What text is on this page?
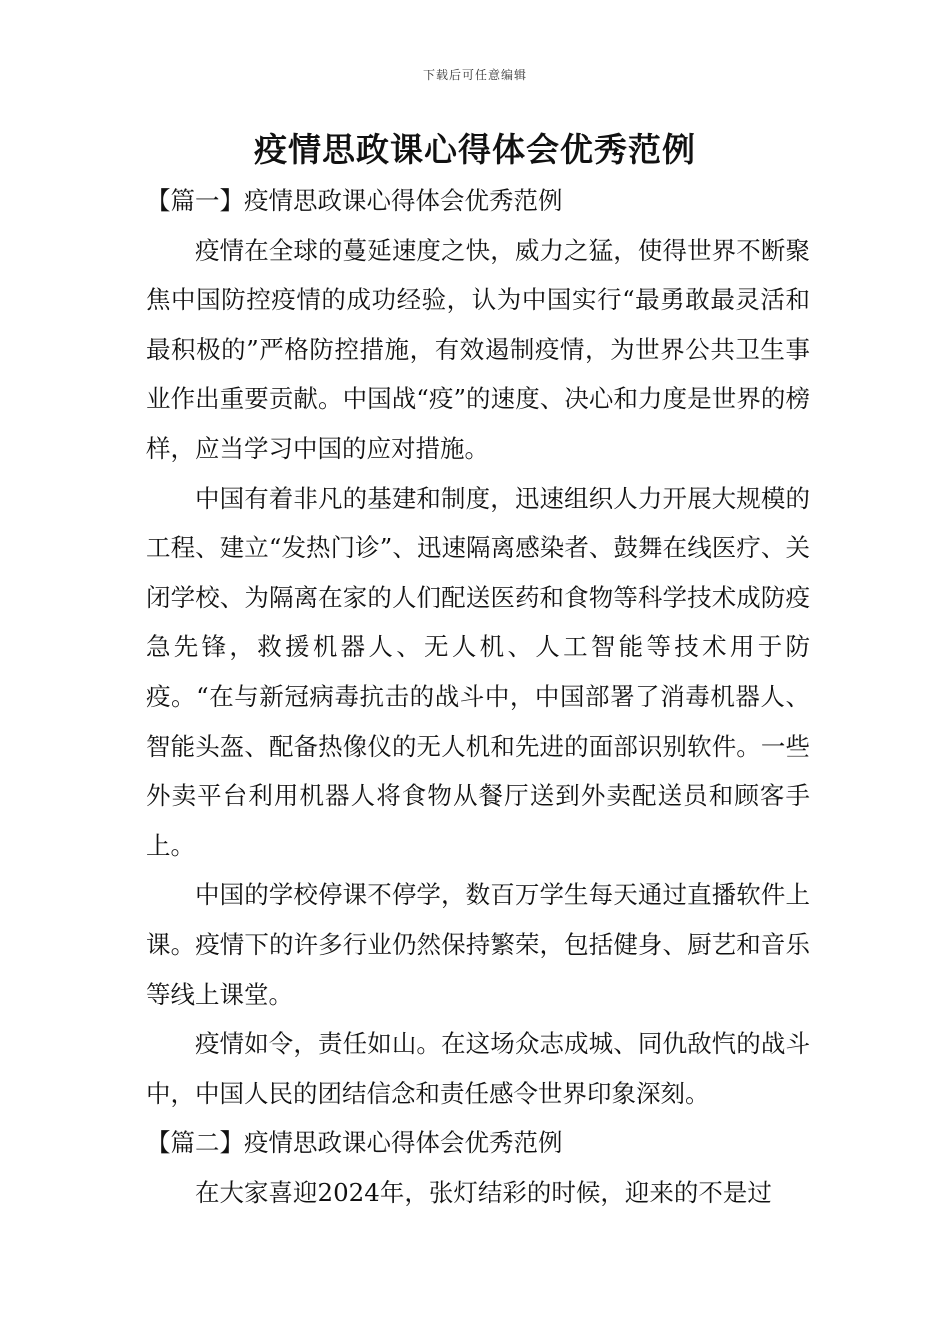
下载后可任意编辑
疫情思政课心得体会优秀范例

【篇一】疫情思政课心得体会优秀范例

疫情在全球的蔓延速度之快，威力之猛，使得世界不断聚焦中国防控疫情的成功经验，认为中国实行“最勇敢最灵活和最积极的”严格防控措施，有效遏制疫情，为世界公共卫生事业作出重要贡献。中国战“疫”的速度、决心和力度是世界的榜样，应当学习中国的应对措施。

中国有着非凡的基建和制度，迅速组织人力开展大规模的工程、建立“发热门诊”、迅速隔离感染者、鼓舞在线医疗、关闭学校、为隔离在家的人们配送医药和食物等科学技术成防疫急先锋，救援机器人、无人机、人工智能等技术用于防疫。“在与新冠病毒抗击的战斗中，中国部署了消毒机器人、智能头盔、配备热像仪的无人机和先进的面部识别软件。一些外卖平台利用机器人将食物从餐厅送到外卖配送员和顾客手上。

中国的学校停课不停学，数百万学生每天通过直播软件上课。疫情下的许多行业仍然保持繁荣，包括健身、厨艺和音乐等线上课堂。

疫情如令，责任如山。在这场众志成城、同仇敌忾的战斗中，中国人民的团结信念和责任感令世界印象深刻。

【篇二】疫情思政课心得体会优秀范例

在大家喜迎2024年，张灯结彩的时候，迎来的不是过
